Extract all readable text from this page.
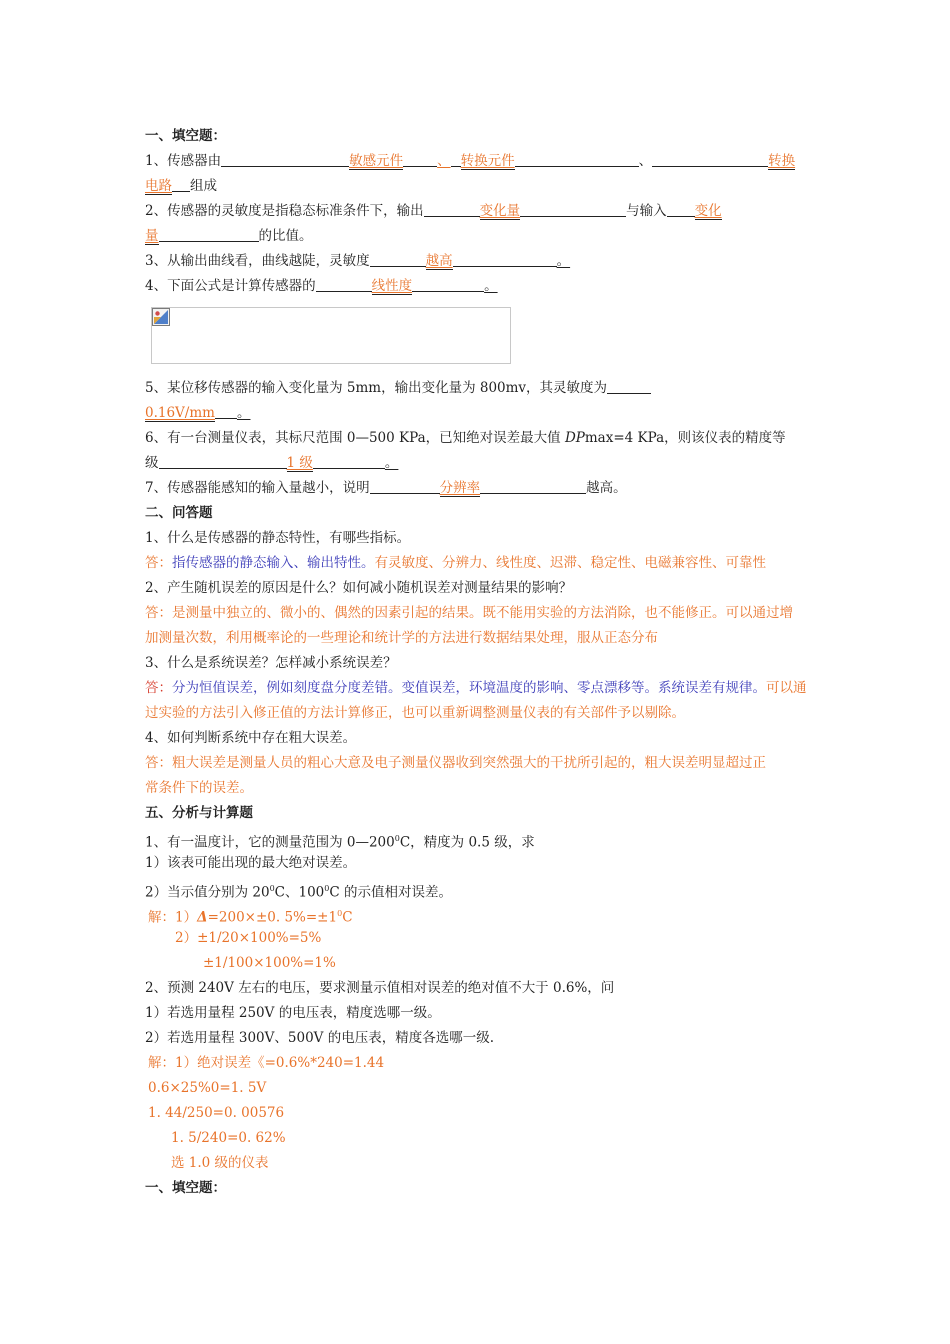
一、填空题：
1、传感器由	敏感元件	、 转换元件	、	转换
电路 组成
2、传感器的灵敏度是指稳态标准条件下，输出	变化量	与输入 变化
量	的比值。
3、从输出曲线看，曲线越陡，灵敏度	越高	。
4、下面公式是计算传感器的	线性度	。
5、某位移传感器的输入变化量为 5mm，输出变化量为 800mv，其灵敏度为
0.16V/mm 。
6、有一台测量仪表，其标尺范围 0—500 KPa，已知绝对误差最大值 DPmax=4 KPa，则该仪表的精度等
级	1 级	。
7、传感器能感知的输入量越小，说明	分辨率	越高。
二、问答题
1、什么是传感器的静态特性，有哪些指标。
答：指传感器的静态输入、输出特性。有灵敏度、分辨力、线性度、迟滞、稳定性、电磁兼容性、可靠性
2、产生随机误差的原因是什么？如何减小随机误差对测量结果的影响？
答：是测量中独立的、微小的、偶然的因素引起的结果。既不能用实验的方法消除，也不能修正。可以通过增
加测量次数，利用概率论的一些理论和统计学的方法进行数据结果处理，服从正态分布
3、什么是系统误差？怎样减小系统误差？
答：分为恒值误差，例如刻度盘分度差错。变值误差，环境温度的影响、零点漂移等。系统误差有规律。可以通
过实验的方法引入修正值的方法计算修正，也可以重新调整测量仪表的有关部件予以剔除。
4、如何判断系统中存在粗大误差。
答：粗大误差是测量人员的粗心大意及电子测量仪器收到突然强大的干扰所引起的，粗大误差明显超过正
常条件下的误差。
五、分析与计算题
1、有一温度计，它的测量范围为 $0—200^0C$，精度为 0.5 级，求
1）该表可能出现的最大绝对误差。
2）当示值分别为 $20^0C$、$100^0C$ 的示值相对误差。
解：1）Δ=200×±0. $5\%=\pm 1^0C$
2）±1/20×100%=5%
±1/100×100%=1%
2、预测 240V 左右的电压，要求测量示值相对误差的绝对值不大于 0.6%，问
1）若选用量程 250V 的电压表，精度选哪一级。
2）若选用量程 300V、500V 的电压表，精度各选哪一级.
解：1）绝对误差《=0.6%*240=1.44
0.6×25%0=1. 5V
1. 44/250=0. 00576
1. 5/240=0. 62%
选 1.0 级的仪表
一、填空题：
